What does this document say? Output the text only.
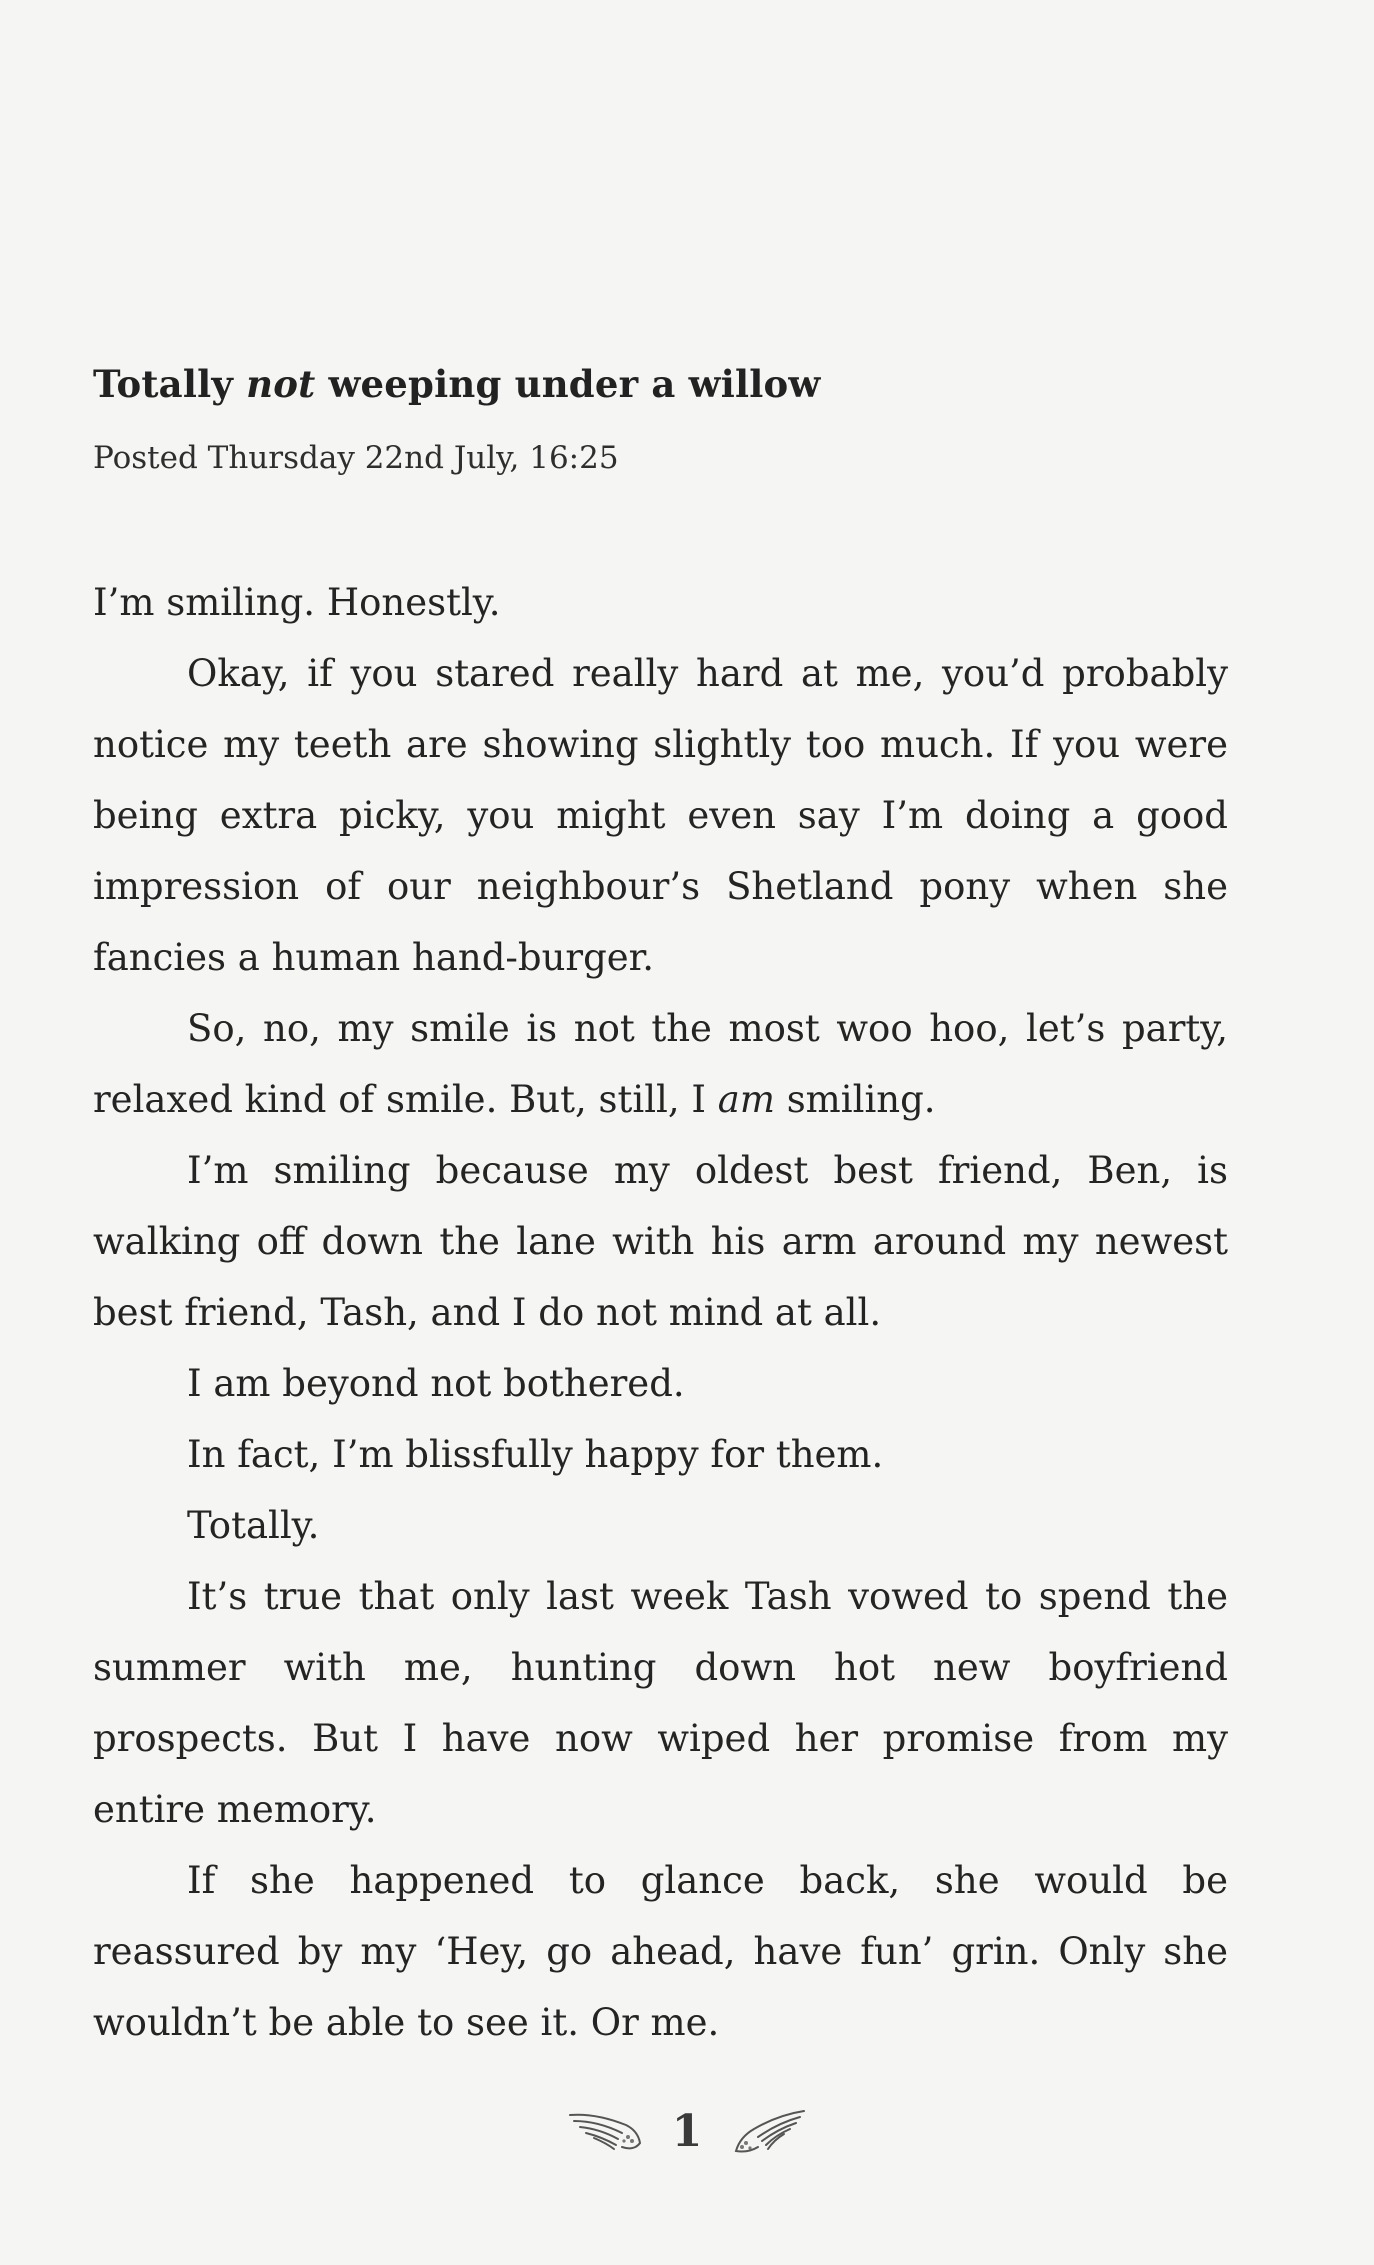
Totally not weeping under a willow
Posted Thursday 22nd July, 16:25

I’m smiling. Honestly.

Okay, if you stared really hard at me, you’d probably notice my teeth are showing slightly too much. If you were being extra picky, you might even say I’m doing a good impression of our neighbour’s Shetland pony when she fancies a human hand-burger.

So, no, my smile is not the most woo hoo, let’s party, relaxed kind of smile. But, still, I am smiling.

I’m smiling because my oldest best friend, Ben, is walking off down the lane with his arm around my newest best friend, Tash, and I do not mind at all.

I am beyond not bothered.

In fact, I’m blissfully happy for them.

Totally.

It’s true that only last week Tash vowed to spend the summer with me, hunting down hot new boyfriend prospects. But I have now wiped her promise from my entire memory.

If she happened to glance back, she would be reassured by my ‘Hey, go ahead, have fun’ grin. Only she wouldn’t be able to see it. Or me.

1
